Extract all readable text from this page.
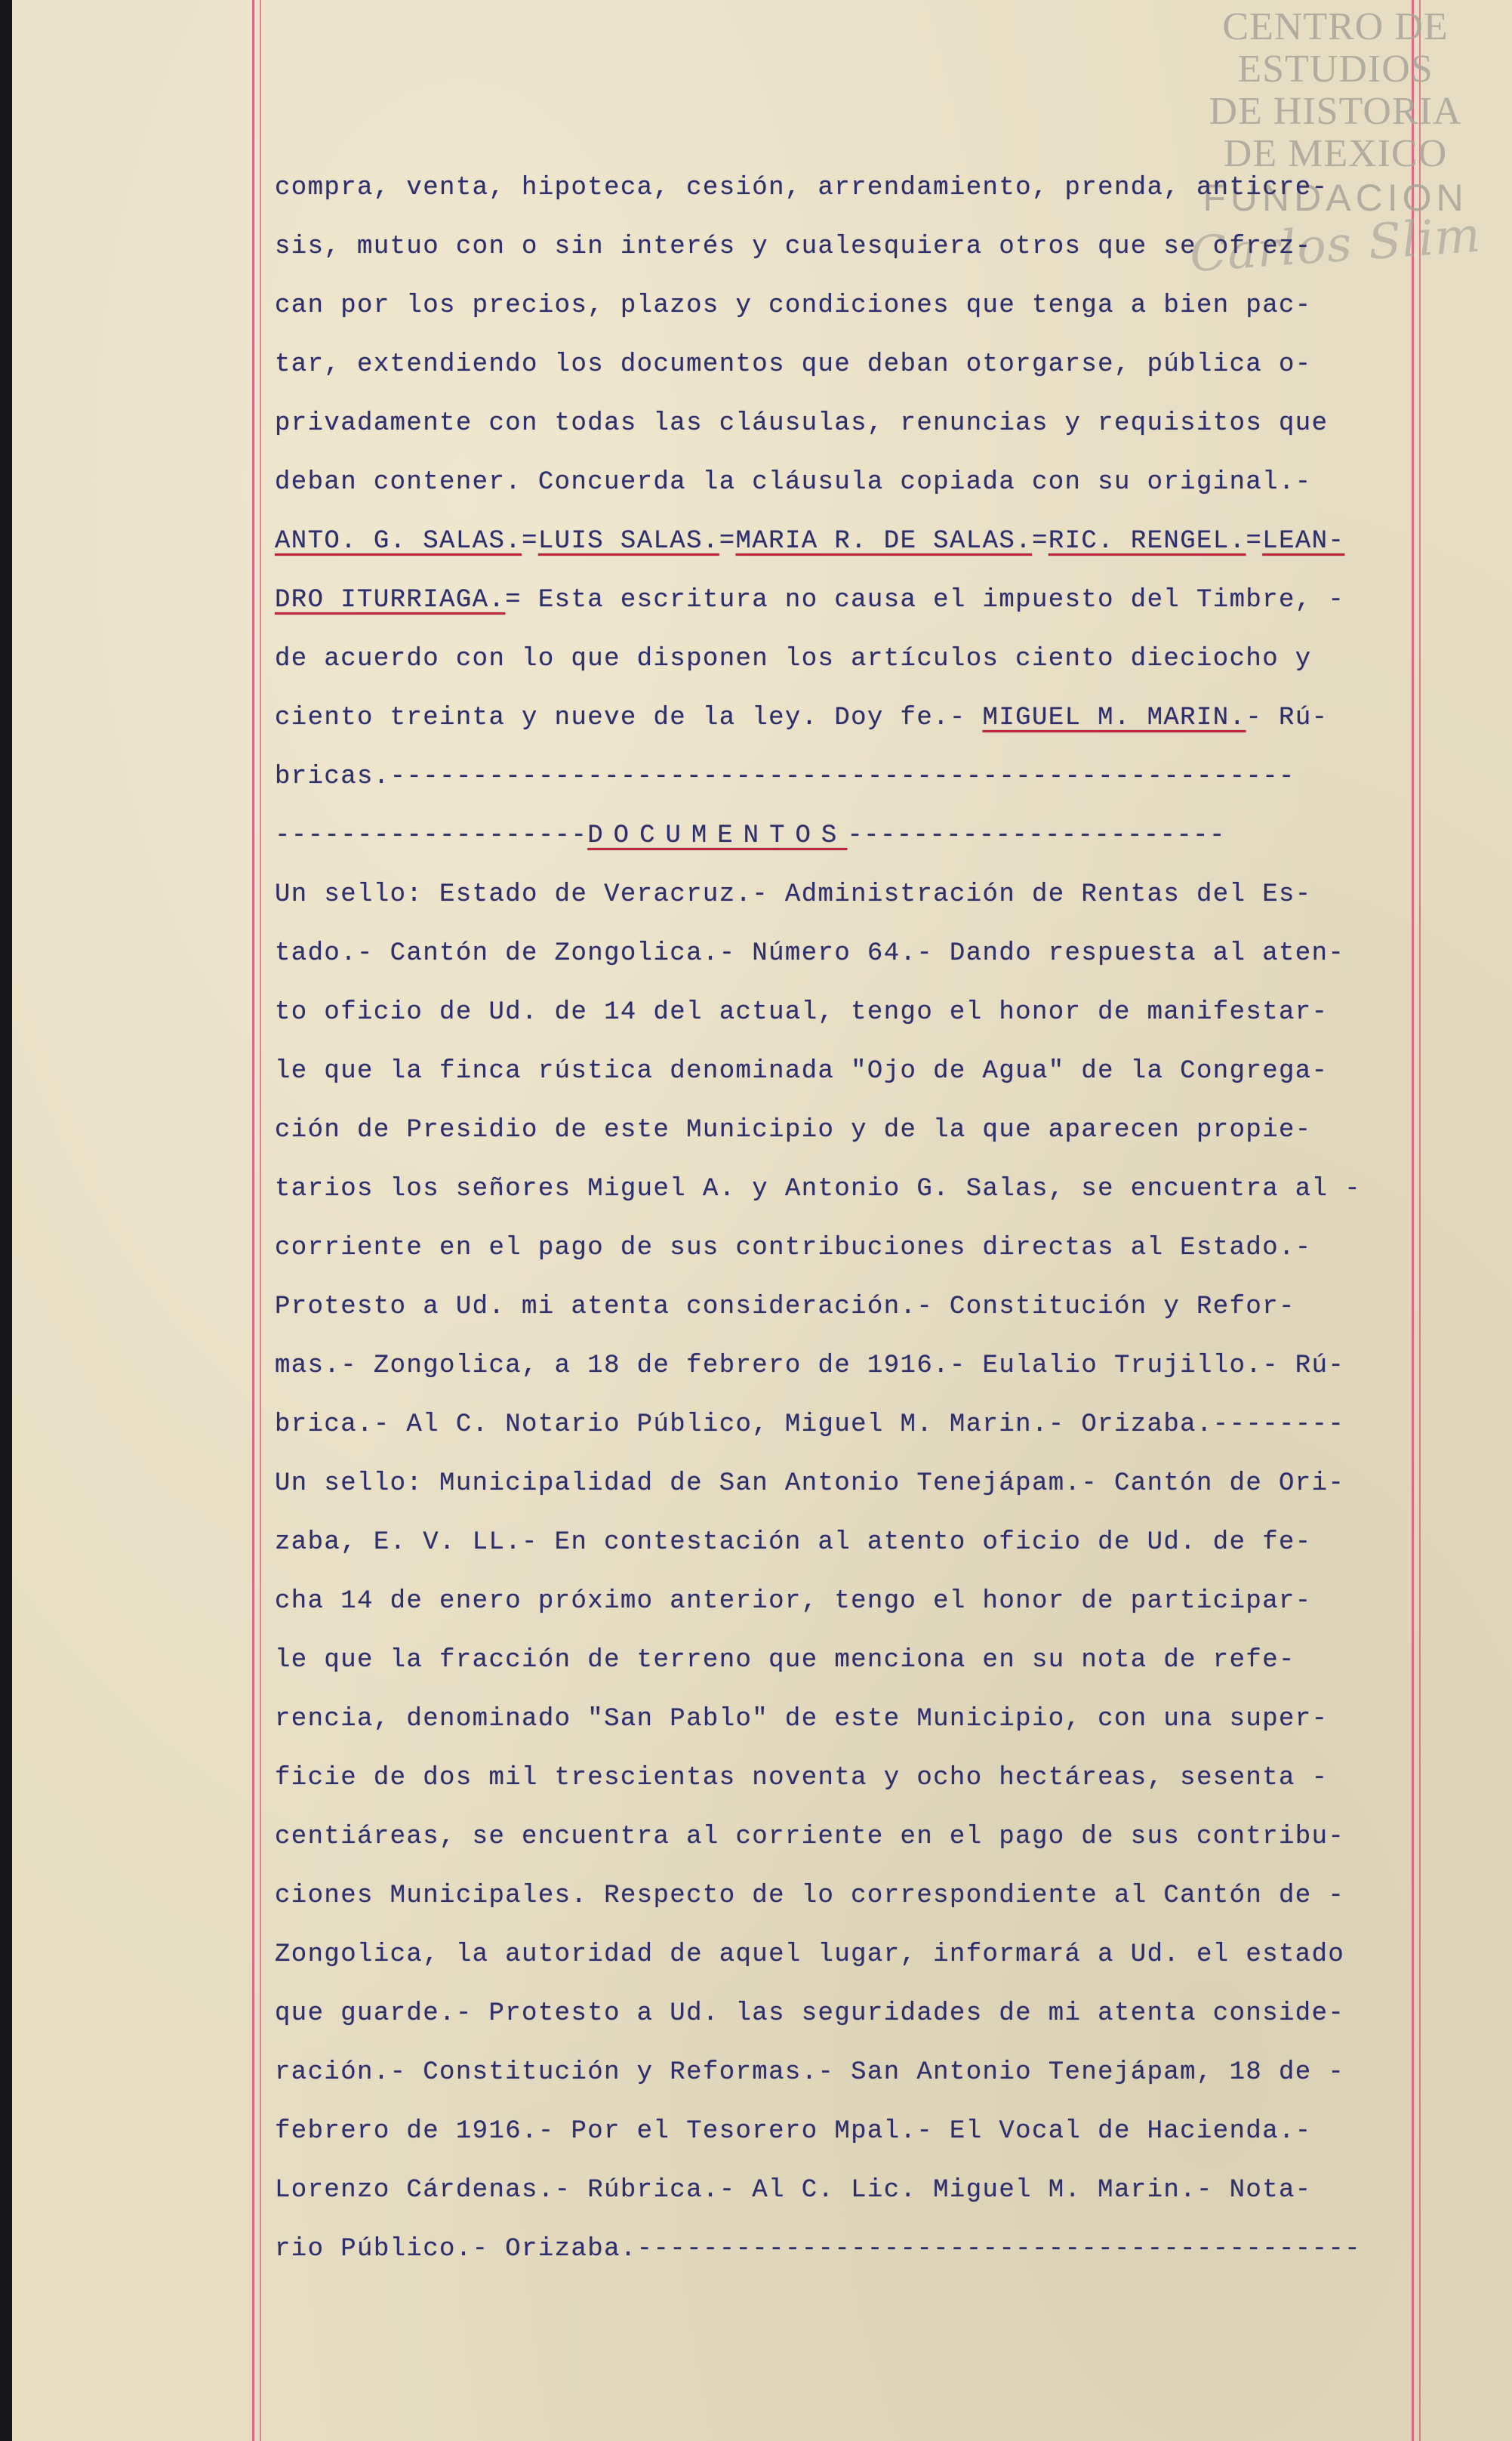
CENTRO DE
ESTUDIOS
DE HISTORIA
DE MEXICO
FUNDACION
Carlos Slim
compra, venta, hipoteca, cesión, arrendamiento, prenda, anticre-
sis, mutuo con o sin interés y cualesquiera otros que se ofrez-
can por los precios, plazos y condiciones que tenga a bien pac-
tar, extendiendo los documentos que deban otorgarse, pública o-
privadamente con todas las cláusulas, renuncias y requisitos que
deban contener. Concuerda la cláusula copiada con su original.-
ANTO. G. SALAS.=LUIS SALAS.=MARIA R. DE SALAS.=RIC. RENGEL.=LEAN-
DRO ITURRIAGA.= Esta escritura no causa el impuesto del Timbre, -
de acuerdo con lo que disponen los artículos ciento dieciocho y
ciento treinta y nueve de la ley. Doy fe.- MIGUEL M. MARIN.- Rú-
bricas.-------------------------------------------------------
-------------------DOCUMENTOS-----------------------
Un sello: Estado de Veracruz.- Administración de Rentas del Es-
tado.- Cantón de Zongolica.- Número 64.- Dando respuesta al aten-
to oficio de Ud. de 14 del actual, tengo el honor de manifestar-
le que la finca rústica denominada "Ojo de Agua" de la Congrega-
ción de Presidio de este Municipio y de la que aparecen propie-
tarios los señores Miguel A. y Antonio G. Salas, se encuentra al -
corriente en el pago de sus contribuciones directas al Estado.-
Protesto a Ud. mi atenta consideración.- Constitución y Refor-
mas.- Zongolica, a 18 de febrero de 1916.- Eulalio Trujillo.- Rú-
brica.- Al C. Notario Público, Miguel M. Marin.- Orizaba.--------
Un sello: Municipalidad de San Antonio Tenejápam.- Cantón de Ori-
zaba, E. V. LL.- En contestación al atento oficio de Ud. de fe-
cha 14 de enero próximo anterior, tengo el honor de participar-
le que la fracción de terreno que menciona en su nota de refe-
rencia, denominado "San Pablo" de este Municipio, con una super-
ficie de dos mil trescientas noventa y ocho hectáreas, sesenta -
centiáreas, se encuentra al corriente en el pago de sus contribu-
ciones Municipales. Respecto de lo correspondiente al Cantón de -
Zongolica, la autoridad de aquel lugar, informará a Ud. el estado
que guarde.- Protesto a Ud. las seguridades de mi atenta conside-
ración.- Constitución y Reformas.- San Antonio Tenejápam, 18 de -
febrero de 1916.- Por el Tesorero Mpal.- El Vocal de Hacienda.-
Lorenzo Cárdenas.- Rúbrica.- Al C. Lic. Miguel M. Marin.- Nota-
rio Público.- Orizaba.--------------------------------------------
